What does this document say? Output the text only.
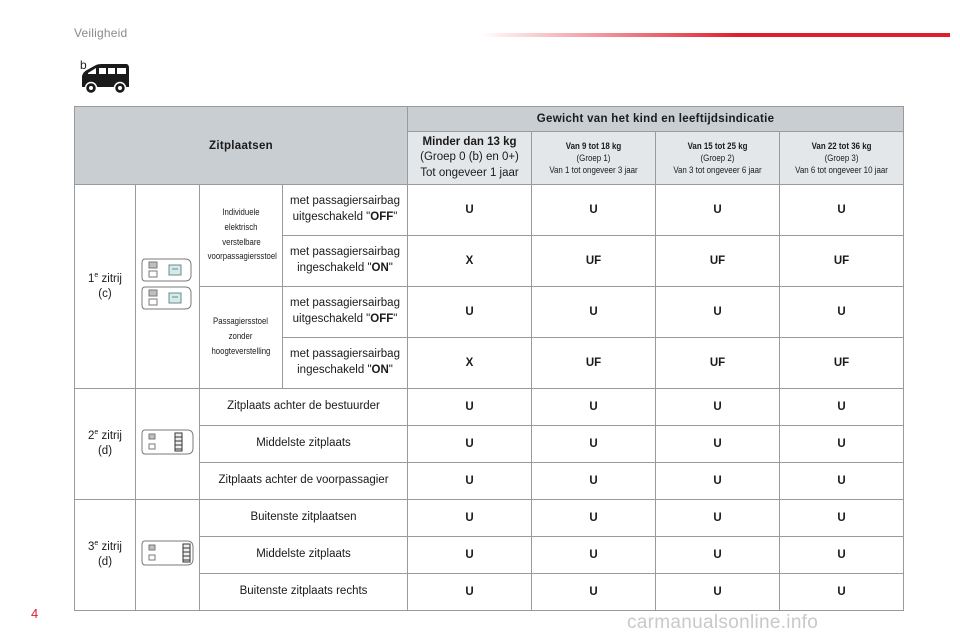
Veiligheid
b
Zitplaatsen				Gewicht van het kind en leeftijdsindicatie			

				Minder dan 13 kg
(Groep 0 (b) en 0+)
Tot ongeveer 1 jaar	Van 9 tot 18 kg
(Groep 1)
Van 1 tot ongeveer 3 jaar	Van 15 tot 25 kg
(Groep 2)
Van 3 tot ongeveer 6 jaar	Van 22 tot 36 kg
(Groep 3)
Van 6 tot ongeveer 10 jaar

1e zitrij
(c)		Individuele elektrisch
verstelbare
voorpassagiersstoel	met passagiersairbag
uitgeschakeld "OFF"	U	U	U	U
			met passagiersairbag
ingeschakeld "ON"	X	UF	UF	UF
		Passagiersstoel
zonder
hoogteverstelling	met passagiersairbag
uitgeschakeld "OFF"	U	U	U	U
			met passagiersairbag
ingeschakeld "ON"	X	UF	UF	UF
2e zitrij
(d)		Zitplaats achter de bestuurder		U	U	U	U
		Middelste zitplaats		U	U	U	U
		Zitplaats achter de voorpassagier		U	U	U	U
3e zitrij
(d)		Buitenste zitplaatsen		U	U	U	U
		Middelste zitplaats		U	U	U	U
		Buitenste zitplaats rechts		U	U	U	U
4	carmanualsonline.info
